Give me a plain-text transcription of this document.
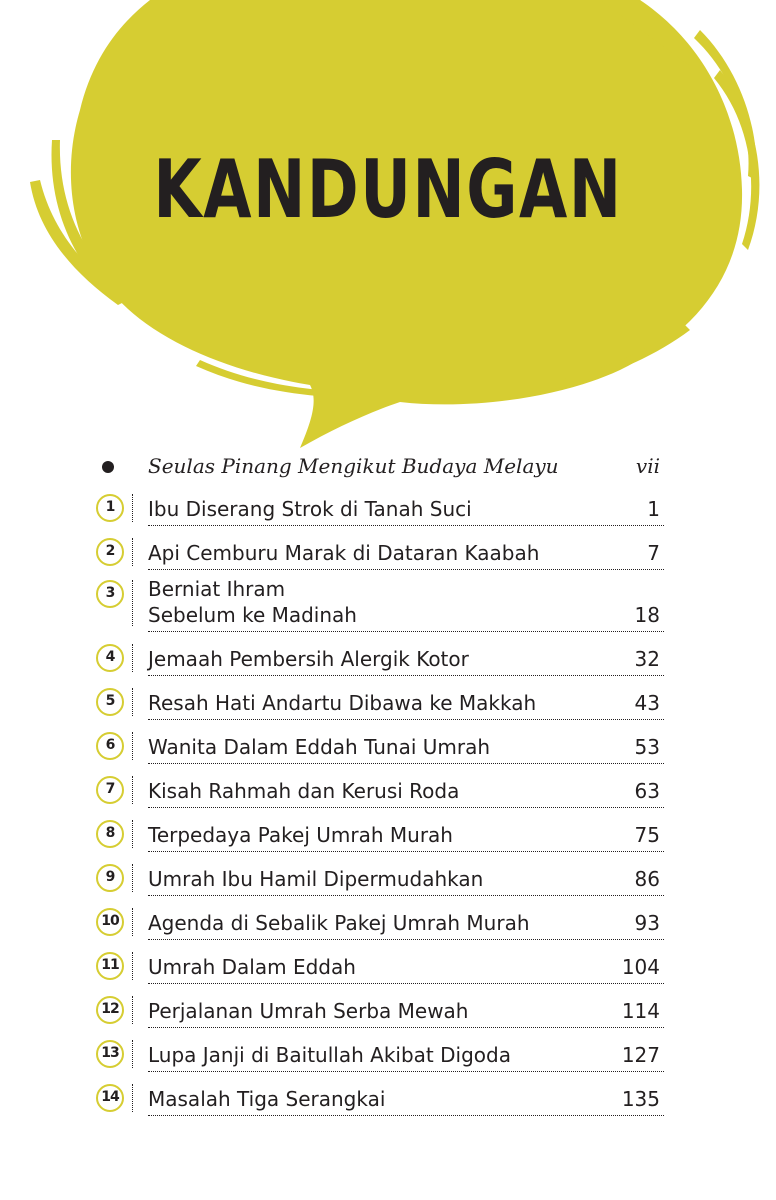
KANDUNGAN
Seulas Pinang Mengikut Budaya Melayu	vii
1	Ibu Diserang Strok di Tanah Suci	1
2	Api Cemburu Marak di Dataran Kaabah	7
3	Berniat Ihram
Sebelum ke Madinah	18
4	Jemaah Pembersih Alergik Kotor	32
5	Resah Hati Andartu Dibawa ke Makkah	43
6	Wanita Dalam Eddah Tunai Umrah	53
7	Kisah Rahmah dan Kerusi Roda	63
8	Terpedaya Pakej Umrah Murah	75
9	Umrah Ibu Hamil Dipermudahkan	86
10 Agenda di Sebalik Pakej Umrah Murah	93
11 Umrah Dalam Eddah	104
12 Perjalanan Umrah Serba Mewah	114
13 Lupa Janji di Baitullah Akibat Digoda	127
14 Masalah Tiga Serangkai	135
